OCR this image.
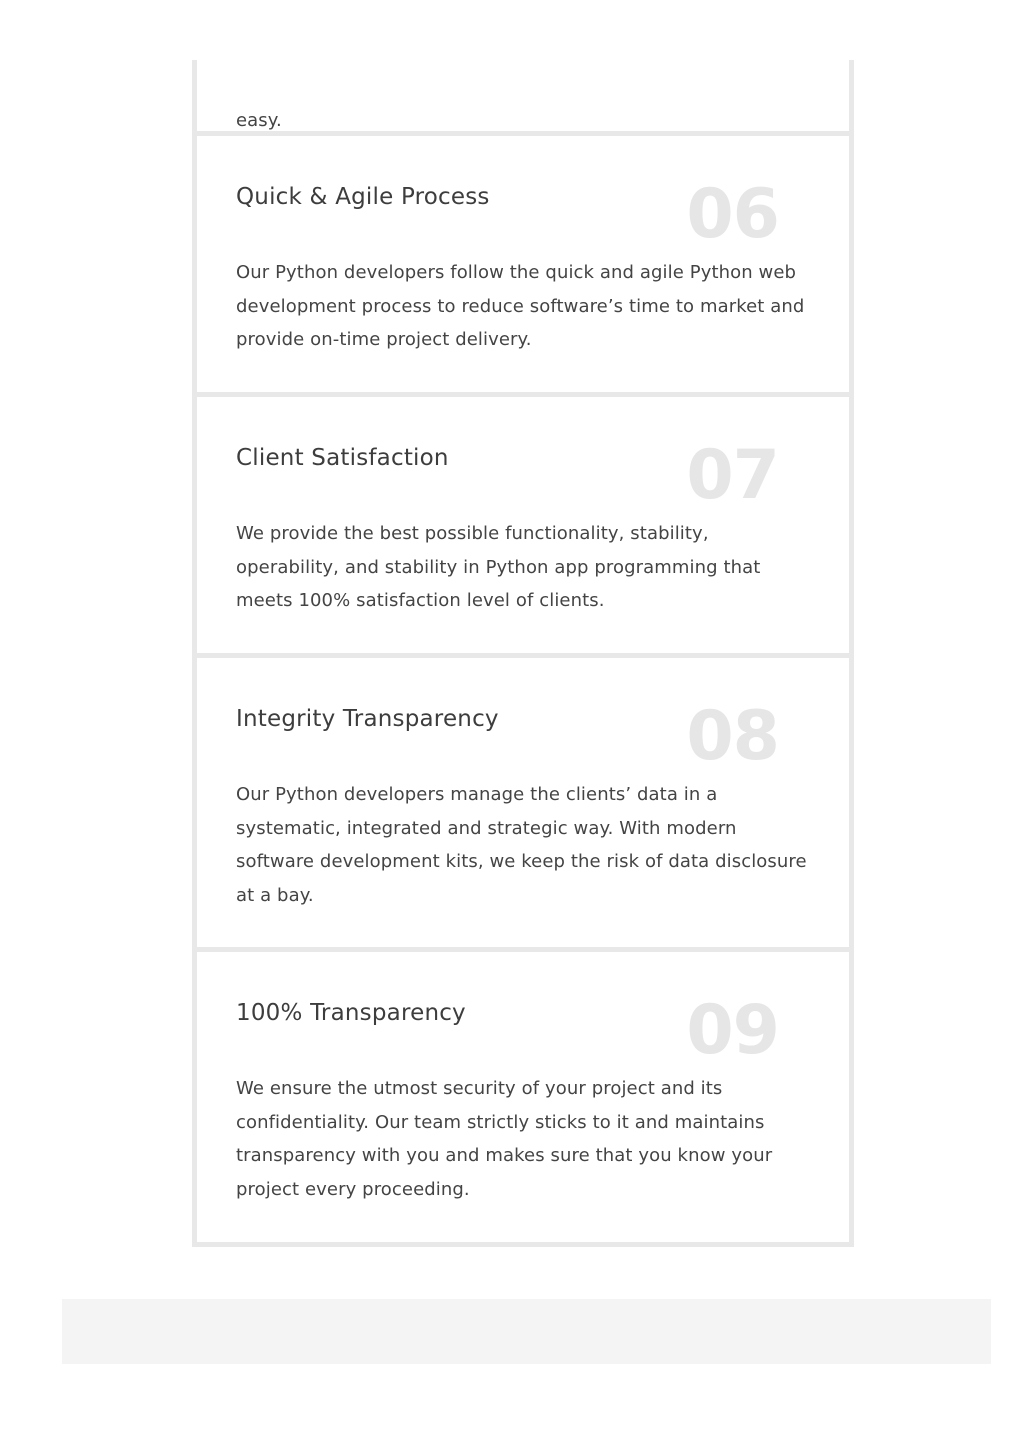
easy.

Quick & Agile Process	06

Our Python developers follow the quick and agile Python web development process to reduce software’s time to market and provide on-time project delivery.

Client Satisfaction	07

We provide the best possible functionality, stability, operability, and stability in Python app programming that meets 100% satisfaction level of clients.

Integrity Transparency	08

Our Python developers manage the clients’ data in a systematic, integrated and strategic way. With modern software development kits, we keep the risk of data disclosure at a bay.

100% Transparency	09

We ensure the utmost security of your project and its confidentiality. Our team strictly sticks to it and maintains transparency with you and makes sure that you know your project every proceeding.
